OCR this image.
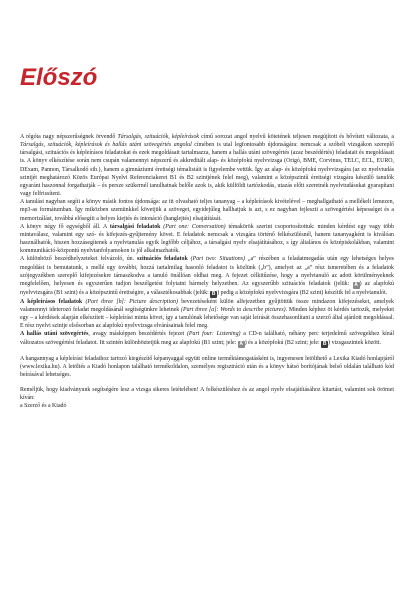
Előszó

A régóta nagy népszerűségnek örvendő Társalgás, szituációk, képleírások című sorozat angol nyelvű kötetének teljesen megújított és bővített változata, a Társalgás, szituációk, képleírások és hallás utáni szövegértés angolul címében is utal legfontosabb újdonságára: nemcsak a szóbeli vizsgákon szereplő társalgási, szituációs és képleírásos feladatokat és ezek megoldásait tartalmazza, hanem a hallás utáni szövegértés (azaz beszédértés) feladatait és megoldásait is. A könyv elkészítése során nem csupán valamennyi népszerű és akkreditált alap- és középfokú nyelvvizsga (Origó, BME, Corvinus, TELC, ECL, EURO, DExam, Pannon, Társalkodó stb.), hanem a gimnáziumi érettségi témalistáit is figyelembe vettük. Így az alap- és középfokú nyelvvizsgára (az ez nyelvtudás szintjét meghatározó Közös Európai Nyelvi Referenciakeret B1 és B2 szintjének felel meg), valamint a középszintű érettségi vizsgára készülő tanulók egyaránt haszonnal forgathatják – és persze szükernél tanulhatnak belőle azok is, akik külföldi tartózkodás, utazás előtt szeretnék nyelvtudásukat gyarapítani vagy felfrissíteni.

A tanulást nagyban segíti a könyv másik fontos újdonsága: az itt olvasható teljes tananyag – a képleírások kivételével – meghallgatható a mellékelt lemezen, mp3-as formátumban. Így miközben szemünkkel követjük a szöveget, egyidejűleg hallhatjuk is azt, s ez nagyban fejleszti a szövegértési képességet és a memorizálást, továbbá elősegíti a helyes kiejtés és intonáció (hanglejtés) elsajátítását.

A könyv négy fő egységből áll. A társalgási feladatok (Part one: Conversation) témakörök szerint csoportosítottuk: minden kérdést egy vagy több mintaválasz, valamint egy szó- és kifejezés-gyűjtemény követ. E feladatok nemcsak a vizsgára történő felkészülésnél, hanem tananyagként is kiválóan használhatók, hiszen hozzásegítenek a nyelvtanulás egyik legfőbb céljához, a társalgási nyelv elsajátításához, s így általános és középiskolákban, valamint kommunikáció-központú nyelvtanfolyamokon is jól alkalmazhatók.

A különböző beszédhelyzeteket felvázoló, ún. szituációs feladatok (Part two: Situations) „a” részében a feladatmegadás után egy lehetséges helyes megoldást is bemutatunk, s mellé egy további, hozzá tartalmilag hasonló feladatot is közlünk („b”), amelyet az „a” rész ismeretében és a feladatok szójegyzékben szereplő kifejezésekre támaszkodva a tanuló önállóan oldhat meg. A fejezet célkitűzése, hogy a nyelvtanuló az adott körülményeknek megfelelően, helyesen és egyszerűen tudjon beszélgetést folytatni bármely helyzetben. Az egyszerűbb szituációs feladatok (jelük: A ) az alapfokú nyelvvizsgára (B1 szint) és a középszintű érettségire, a választékosabbak (jelük: B ) pedig a középfokú nyelvvizsgára (B2 szint) készítik fel a nyelvtanulót.
A képleírásos feladatok (Part three [b]: Picture description) bevezetéseként külön alfejezetben gyűjtöttük össze mindazon kifejezéseket, amelyek valamennyi ideterozó feladat megoldásánál segítségünkre lehetnek (Part three [a]: Words to describe pictures). Minden képhez öt kérdés tartozik, melyeket egy – a kérdések alapján elkészített – képleírási minta követ, így a tanulónak lehetősége van saját leírását összehasonlítani a szerző által ajánlott megoldással. E rész nyelvi szintje elsősorban az alapfokú nyelvvizsga elvárásainak felel meg.
A hallás utáni szövegértés, avagy másképpen beszédértés fejezet (Part four: Listening) a CD-n található, néhány perc terjedelmű szövegekhez kínál változatos szövegértési feladatot. Itt szintén különböztetjük meg az alapfokú (B1 szint; jele: A ) és a középfokú (B2 szint; jele: B ) vizsgaszintek között.

A hangannyag a képleírási feladathoz tartozó kiegészítő képanyaggal együtt online terméktámogatásként is, ingyenesen letölthető a Lexika Kiadó honlapjáról (www.lexika.hu). A letöltés a Kiadó honlapon található termékoldalon, személyes regisztráció után és a könyv hátsó borítójának belső oldalán található kód beírásával lehetséges.

Reméljük, hogy kiadványunk segítségére lesz a vizsga sikeres letételében! A felkészüléshez és az angol nyelv elsajátításához kitartást, valamint sok örömet kíván:

a Szerző és a Kiadó
